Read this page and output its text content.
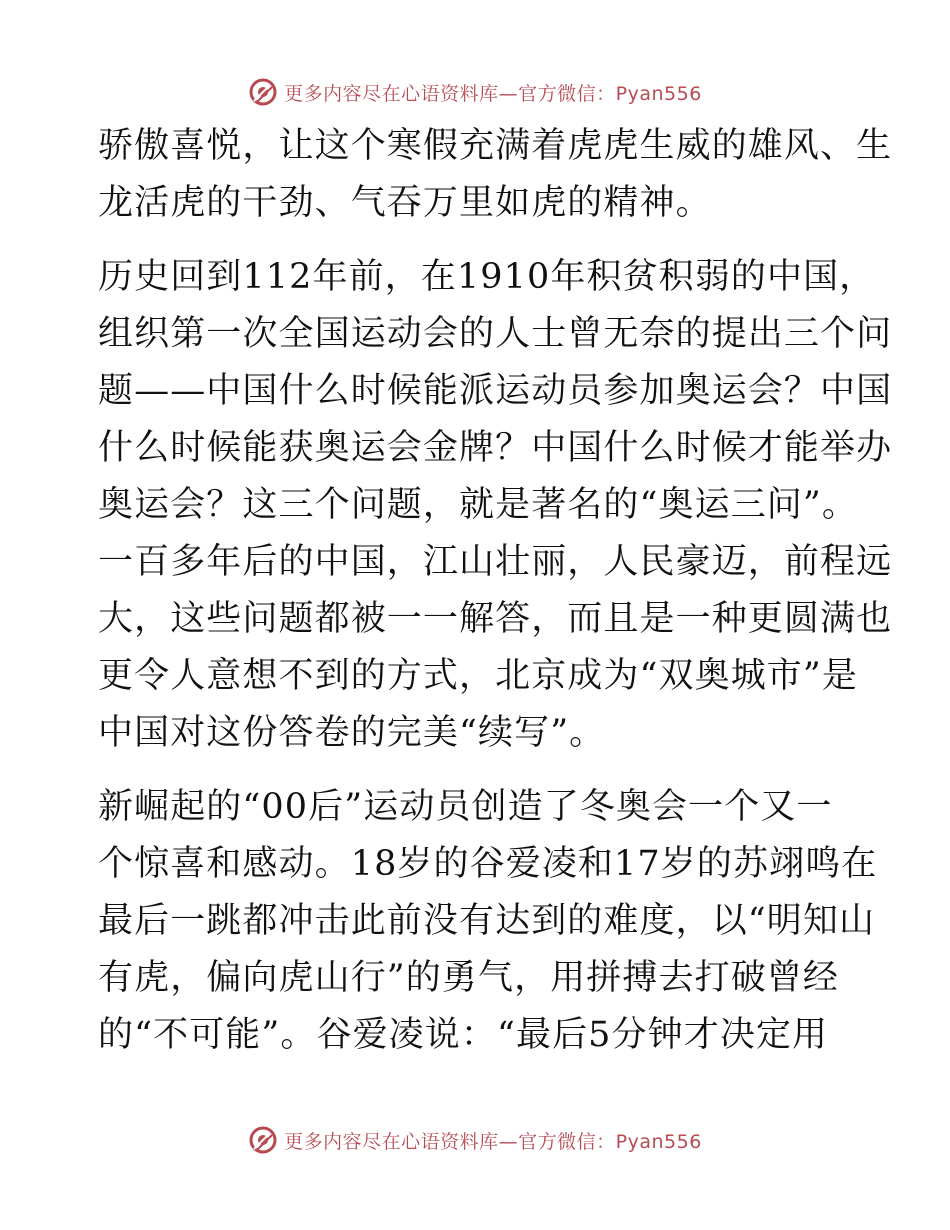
更多内容尽在心语资料库—官方微信：Pyan556
骄傲喜悦，让这个寒假充满着虎虎生威的雄风、生
龙活虎的干劲、气吞万里如虎的精神。
历史回到112年前，在1910年积贫积弱的中国，
组织第一次全国运动会的人士曾无奈的提出三个问
题——中国什么时候能派运动员参加奥运会？中国
什么时候能获奥运会金牌？中国什么时候才能举办
奥运会？这三个问题，就是著名的“奥运三问”。
一百多年后的中国，江山壮丽，人民豪迈，前程远
大，这些问题都被一一解答，而且是一种更圆满也
更令人意想不到的方式，北京成为“双奥城市”是
中国对这份答卷的完美“续写”。
新崛起的“00后”运动员创造了冬奥会一个又一
个惊喜和感动。18岁的谷爱凌和17岁的苏翊鸣在
最后一跳都冲击此前没有达到的难度，以“明知山
有虎，偏向虎山行”的勇气，用拼搏去打破曾经
的“不可能”。谷爱凌说：“最后5分钟才决定用
更多内容尽在心语资料库—官方微信：Pyan556
